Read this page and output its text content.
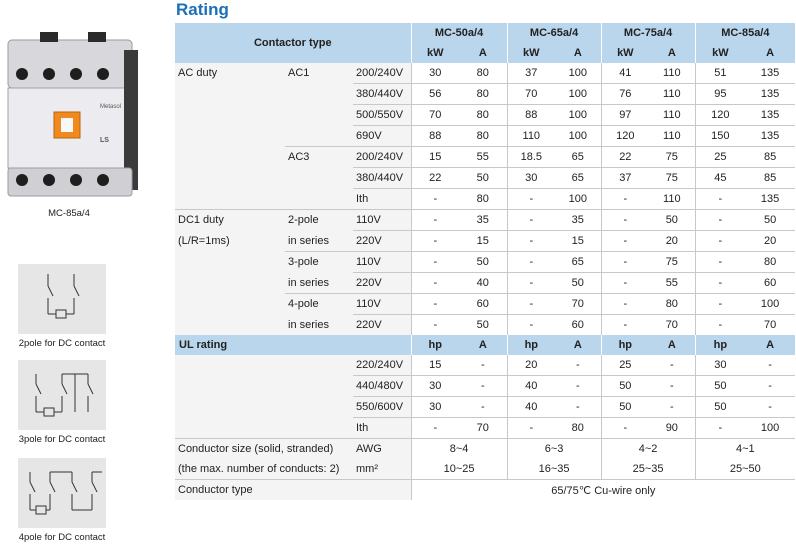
Metasol
LS
MC-85a/4
2pole for DC contact
3pole for DC contact
4pole for DC contact
Rating
Contactor type			MC-50a/4		MC-65a/4		MC-75a/4		MC-85a/4	
			kW	A	kW	A	kW	A	kW	A
AC duty	AC1	200/240V	30	80	37	100	41	110	51	135
		380/440V	56	80	70	100	76	110	95	135
		500/550V	70	80	88	100	97	110	120	135
		690V	88	80	110	100	120	110	150	135
	AC3	200/240V	15	55	18.5	65	22	75	25	85
		380/440V	22	50	30	65	37	75	45	85
		Ith	-	80	-	100	-	110	-	135
DC1 duty	2-pole	110V	-	35	-	35	-	50	-	50
(L/R=1ms)	in series	220V	-	15	-	15	-	20	-	20
	3-pole	110V	-	50	-	65	-	75	-	80
	in series	220V	-	40	-	50	-	55	-	60
	4-pole	110V	-	60	-	70	-	80	-	100
	in series	220V	-	50	-	60	-	70	-	70
UL rating			hp	A	hp	A	hp	A	hp	A
		220/240V	15	-	20	-	25	-	30	-
		440/480V	30	-	40	-	50	-	50	-
		550/600V	30	-	40	-	50	-	50	-
		Ith	-	70	-	80	-	90	-	100
Conductor size (solid, stranded)		AWG	8~4		6~3		4~2		4~1	
(the max. number of conducts: 2)		mm²	10~25		16~35		25~35		25~50	
Conductor type			65/75℃ Cu-wire only							
